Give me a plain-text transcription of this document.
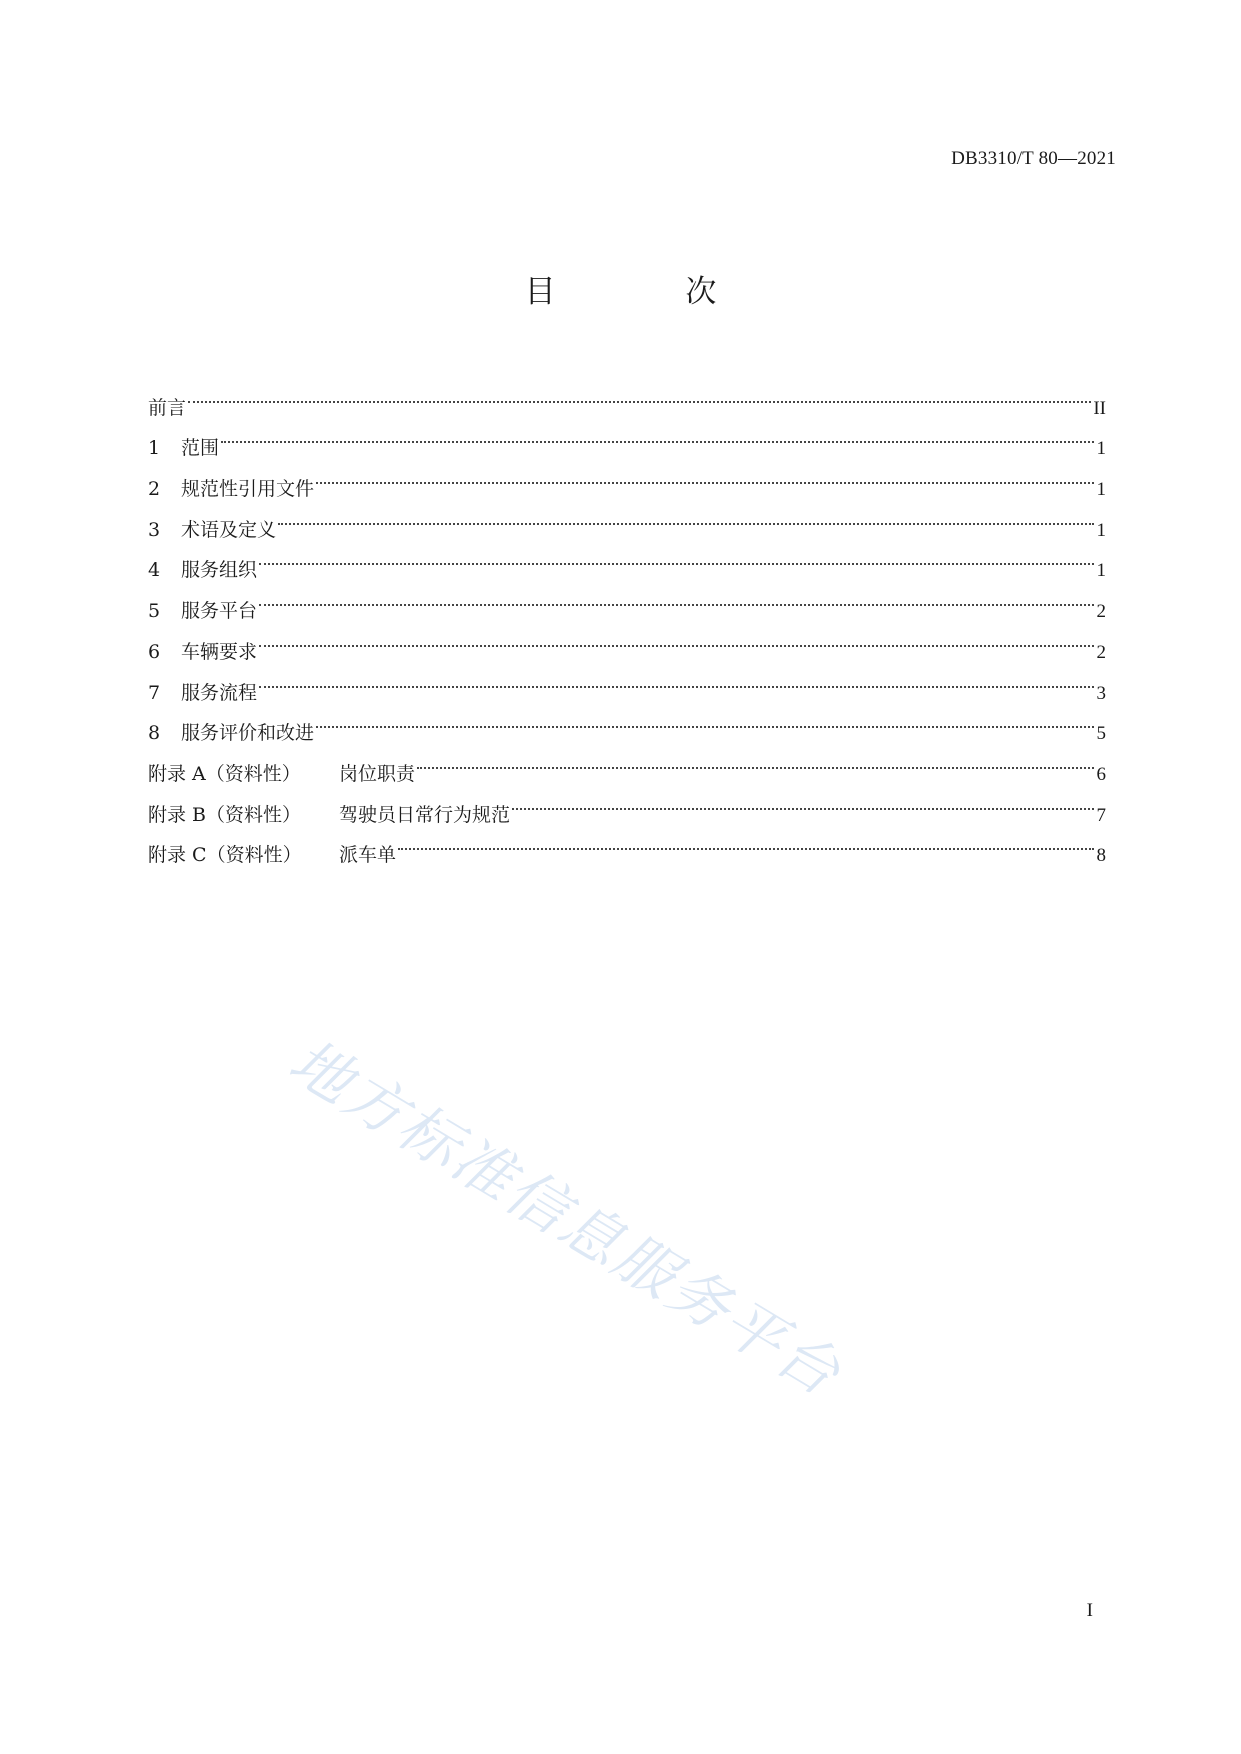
DB3310/T 80—2021
目 次
前言	II
1	范围	1
2	规范性引用文件	1
3	术语及定义	1
4	服务组织	1
5	服务平台	2
6	车辆要求	2
7	服务流程	3
8	服务评价和改进	5
附录 A（资料性）	岗位职责	6
附录 B（资料性）	驾驶员日常行为规范	7
附录 C（资料性）	派车单	8
地方标准信息服务平台
I
